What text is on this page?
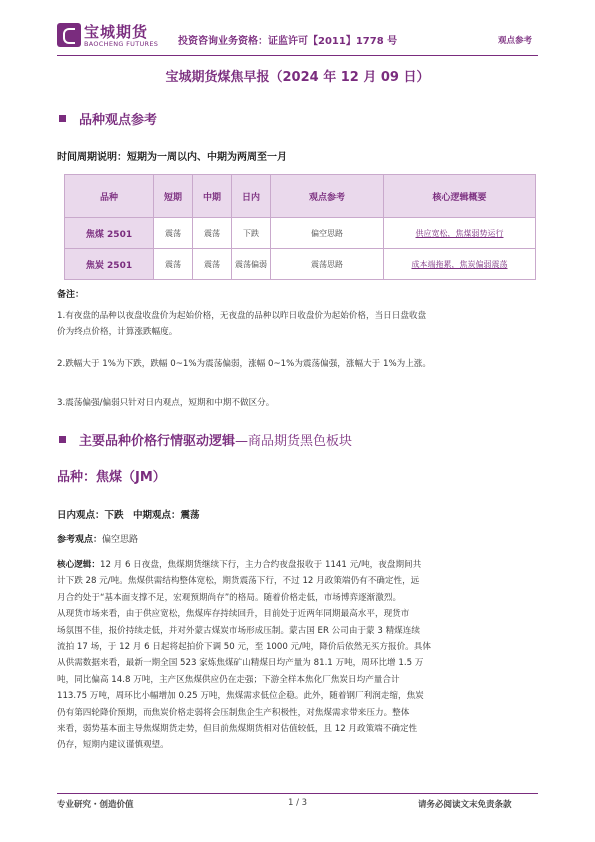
宝城期货
BAOCHENG FUTURES 投资咨询业务资格：证监许可【2011】1778 号	观点参考
宝城期货煤焦早报（2024 年 12 月 09 日）
品种观点参考
时间周期说明：短期为一周以内、中期为两周至一月
品种	短期	中期	日内	观点参考	核心逻辑概要
焦煤 2501	震荡	震荡	下跌	偏空思路	供应宽松，焦煤弱势运行
焦炭 2501	震荡	震荡	震荡偏弱	震荡思路	成本端拖累，焦炭偏弱震荡
备注：
1.有夜盘的品种以夜盘收盘价为起始价格，无夜盘的品种以昨日收盘价为起始价格，当日日盘收盘
价为终点价格，计算涨跌幅度。
2.跌幅大于 1%为下跌，跌幅 0~1%为震荡偏弱，涨幅 0~1%为震荡偏强，涨幅大于 1%为上涨。
3.震荡偏强/偏弱只针对日内观点，短期和中期不做区分。
主要品种价格行情驱动逻辑—商品期货黑色板块
品种：焦煤（JM）
日内观点：下跌　中期观点：震荡
参考观点：偏空思路
核心逻辑：12 月 6 日夜盘，焦煤期货继续下行，主力合约夜盘报收于 1141 元/吨，夜盘期间共
计下跌 28 元/吨。焦煤供需结构整体宽松，期货震荡下行，不过 12 月政策端仍有不确定性，远
月合约处于“基本面支撑不足，宏观预期尚存”的格局。随着价格走低，市场博弈逐渐激烈。
从现货市场来看，由于供应宽松，焦煤库存持续回升，目前处于近两年同期最高水平，现货市
场氛围不佳，报价持续走低，并对外蒙古煤炭市场形成压制。蒙古国 ER 公司由于蒙 3 精煤连续
流拍 17 场，于 12 月 6 日起将起拍价下调 50 元，至 1000 元/吨，降价后依然无买方报价。具体
从供需数据来看，最新一期全国 523 家炼焦煤矿山精煤日均产量为 81.1 万吨，周环比增 1.5 万
吨，同比偏高 14.8 万吨，主产区焦煤供应仍在走强；下游全样本焦化厂焦炭日均产量合计
113.75 万吨，周环比小幅增加 0.25 万吨，焦煤需求低位企稳。此外，随着钢厂利润走缩，焦炭
仍有第四轮降价预期，而焦炭价格走弱将会压制焦企生产积极性，对焦煤需求带来压力。整体
来看，弱势基本面主导焦煤期货走势，但目前焦煤期货相对估值较低，且 12 月政策端不确定性
仍存，短期内建议谨慎观望。
专业研究・创造价值	1 / 3	请务必阅读文末免责条款
